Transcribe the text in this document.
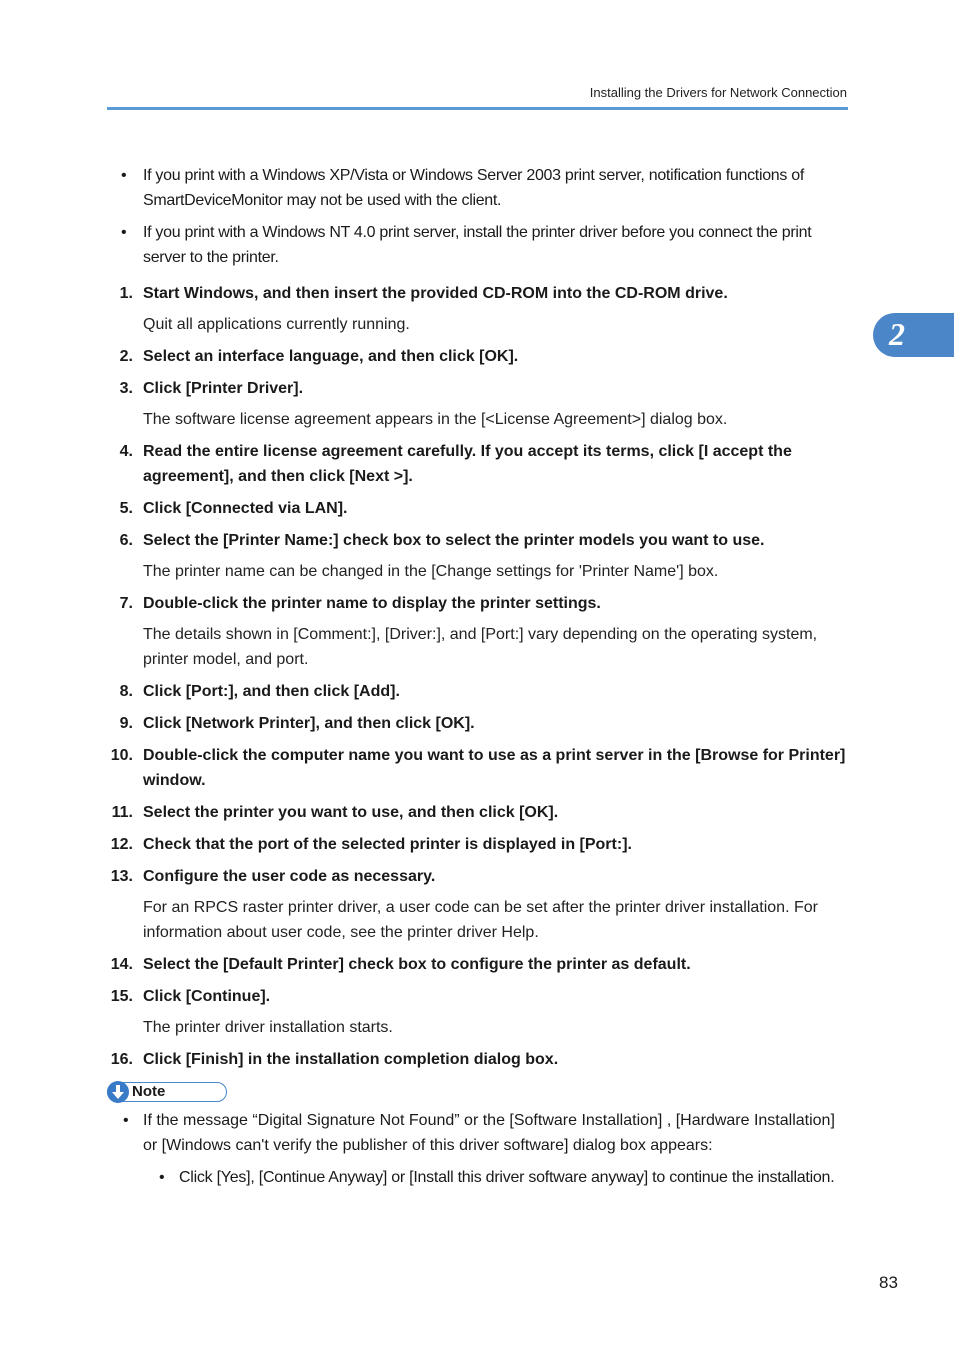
Installing the Drivers for Network Connection
2
• If you print with a Windows XP/Vista or Windows Server 2003 print server, notification functions of SmartDeviceMonitor may not be used with the client.
• If you print with a Windows NT 4.0 print server, install the printer driver before you connect the print server to the printer.
1. Start Windows, and then insert the provided CD-ROM into the CD-ROM drive.
Quit all applications currently running.
2. Select an interface language, and then click [OK].
3. Click [Printer Driver].
The software license agreement appears in the [<License Agreement>] dialog box.
4. Read the entire license agreement carefully. If you accept its terms, click [I accept the agreement], and then click [Next >].
5. Click [Connected via LAN].
6. Select the [Printer Name:] check box to select the printer models you want to use.
The printer name can be changed in the [Change settings for 'Printer Name'] box.
7. Double-click the printer name to display the printer settings.
The details shown in [Comment:], [Driver:], and [Port:] vary depending on the operating system, printer model, and port.
8. Click [Port:], and then click [Add].
9. Click [Network Printer], and then click [OK].
10. Double-click the computer name you want to use as a print server in the [Browse for Printer] window.
11. Select the printer you want to use, and then click [OK].
12. Check that the port of the selected printer is displayed in [Port:].
13. Configure the user code as necessary.
For an RPCS raster printer driver, a user code can be set after the printer driver installation. For information about user code, see the printer driver Help.
14. Select the [Default Printer] check box to configure the printer as default.
15. Click [Continue].
The printer driver installation starts.
16. Click [Finish] in the installation completion dialog box.
Note
• If the message “Digital Signature Not Found” or the [Software Installation] , [Hardware Installation] or [Windows can't verify the publisher of this driver software] dialog box appears:
• Click [Yes], [Continue Anyway] or [Install this driver software anyway] to continue the installation.
83
